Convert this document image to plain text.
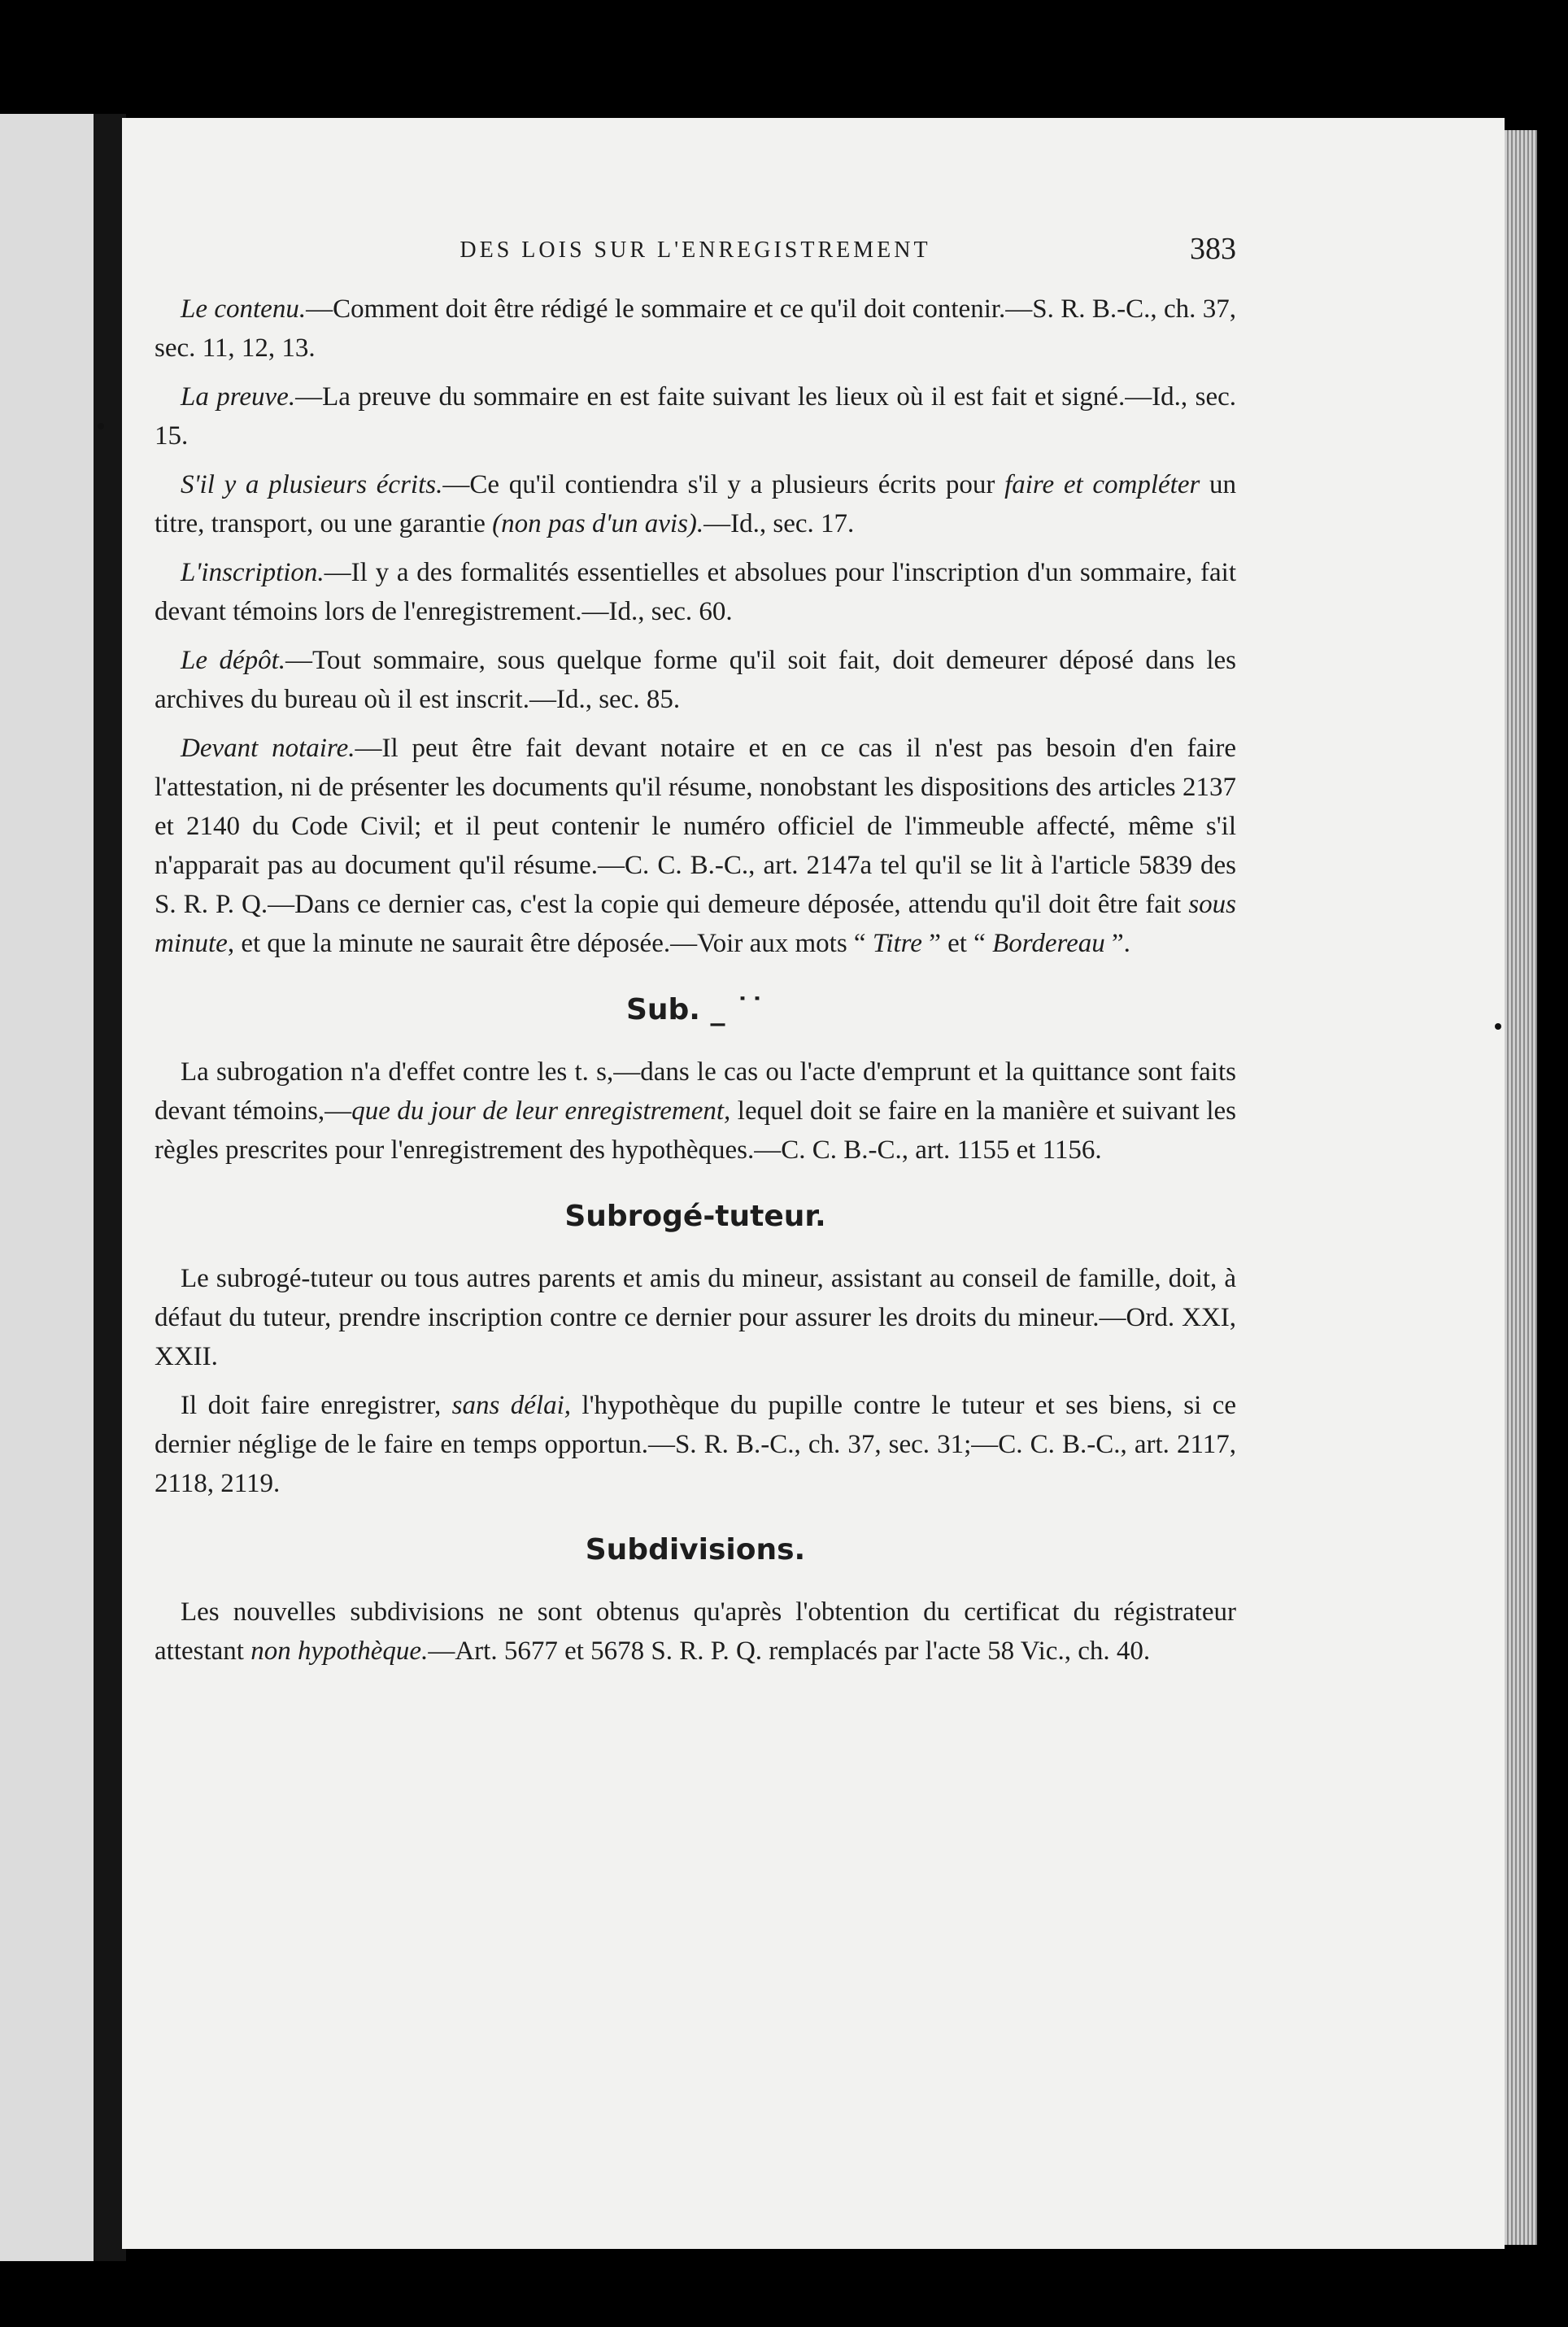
DES LOIS SUR L'ENREGISTREMENT	383

Le contenu.—Comment doit être rédigé le sommaire et ce qu'il doit contenir.—S. R. B.-C., ch. 37, sec. 11, 12, 13.

La preuve.—La preuve du sommaire en est faite suivant les lieux où il est fait et signé.—Id., sec. 15.

S'il y a plusieurs écrits.—Ce qu'il contiendra s'il y a plusieurs écrits pour faire et compléter un titre, transport, ou une garantie (non pas d'un avis).—Id., sec. 17.

L'inscription.—Il y a des formalités essentielles et absolues pour l'inscription d'un sommaire, fait devant témoins lors de l'enregistrement.—Id., sec. 60.

Le dépôt.—Tout sommaire, sous quelque forme qu'il soit fait, doit demeurer déposé dans les archives du bureau où il est inscrit.—Id., sec. 85.

Devant notaire.—Il peut être fait devant notaire et en ce cas il n'est pas besoin d'en faire l'attestation, ni de présenter les documents qu'il résume, nonobstant les dispositions des articles 2137 et 2140 du Code Civil; et il peut contenir le numéro officiel de l'immeuble affecté, même s'il n'apparait pas au document qu'il résume.—C. C. B.-C., art. 2147a tel qu'il se lit à l'article 5839 des S. R. P. Q.—Dans ce dernier cas, c'est la copie qui demeure déposée, attendu qu'il doit être fait sous minute, et que la minute ne saurait être déposée.—Voir aux mots “ Titre ” et “ Bordereau ”.

Sub. _ ˙˙

La subrogation n'a d'effet contre les t. s,—dans le cas ou l'acte d'emprunt et la quittance sont faits devant témoins,—que du jour de leur enregistrement, lequel doit se faire en la manière et suivant les règles prescrites pour l'enregistrement des hypothèques.—C. C. B.-C., art. 1155 et 1156.

Subrogé-tuteur.

Le subrogé-tuteur ou tous autres parents et amis du mineur, assistant au conseil de famille, doit, à défaut du tuteur, prendre inscription contre ce dernier pour assurer les droits du mineur.—Ord. XXI, XXII.

Il doit faire enregistrer, sans délai, l'hypothèque du pupille contre le tuteur et ses biens, si ce dernier néglige de le faire en temps opportun.—S. R. B.-C., ch. 37, sec. 31;—C. C. B.-C., art. 2117, 2118, 2119.

Subdivisions.

Les nouvelles subdivisions ne sont obtenus qu'après l'obtention du certificat du régistrateur attestant non hypothèque.—Art. 5677 et 5678 S. R. P. Q. remplacés par l'acte 58 Vic., ch. 40.
